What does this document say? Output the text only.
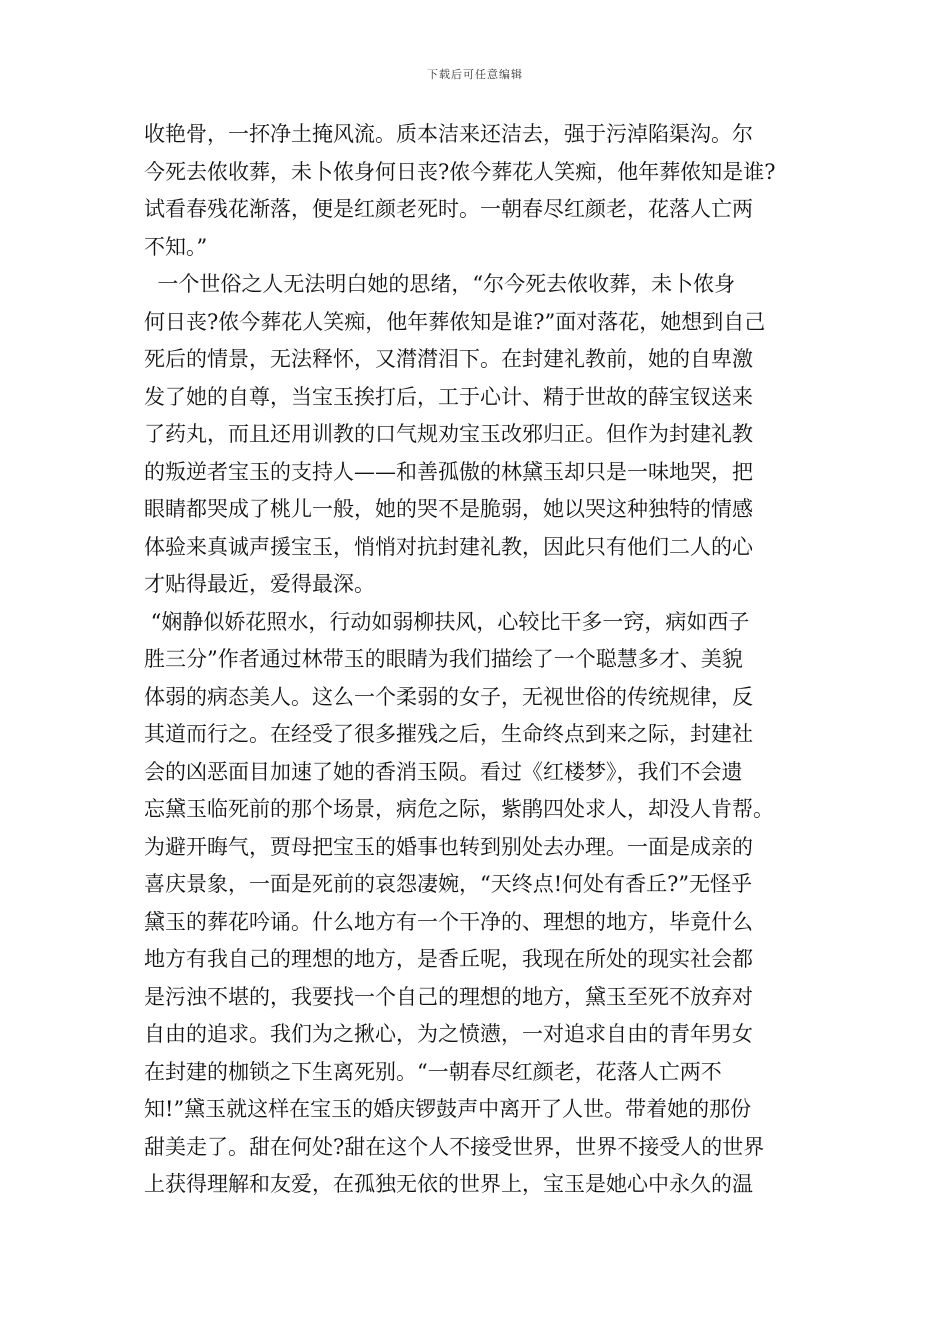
下载后可任意编辑
收艳骨，一抔净土掩风流。质本洁来还洁去，强于污淖陷渠沟。尔
今死去侬收葬，未卜侬身何日丧?侬今葬花人笑痴，他年葬侬知是谁?
试看春残花渐落，便是红颜老死时。一朝春尽红颜老，花落人亡两
不知。”
一个世俗之人无法明白她的思绪，“尔今死去侬收葬，未卜侬身
何日丧?侬今葬花人笑痴，他年葬侬知是谁?”面对落花，她想到自己
死后的情景，无法释怀，又潸潸泪下。在封建礼教前，她的自卑激
发了她的自尊，当宝玉挨打后，工于心计、精于世故的薛宝钗送来
了药丸，而且还用训教的口气规劝宝玉改邪归正。但作为封建礼教
的叛逆者宝玉的支持人——和善孤傲的林黛玉却只是一味地哭，把
眼睛都哭成了桃儿一般，她的哭不是脆弱，她以哭这种独特的情感
体验来真诚声援宝玉，悄悄对抗封建礼教，因此只有他们二人的心
才贴得最近，爱得最深。
“娴静似娇花照水，行动如弱柳扶风，心较比干多一窍，病如西子
胜三分”作者通过林带玉的眼睛为我们描绘了一个聪慧多才、美貌
体弱的病态美人。这么一个柔弱的女子，无视世俗的传统规律，反
其道而行之。在经受了很多摧残之后，生命终点到来之际，封建社
会的凶恶面目加速了她的香消玉陨。看过《红楼梦》，我们不会遗
忘黛玉临死前的那个场景，病危之际，紫鹃四处求人，却没人肯帮。
为避开晦气，贾母把宝玉的婚事也转到别处去办理。一面是成亲的
喜庆景象，一面是死前的哀怨凄婉，“天终点!何处有香丘?”无怪乎
黛玉的葬花吟诵。什么地方有一个干净的、理想的地方，毕竟什么
地方有我自己的理想的地方，是香丘呢，我现在所处的现实社会都
是污浊不堪的，我要找一个自己的理想的地方，黛玉至死不放弃对
自由的追求。我们为之揪心，为之愤懑，一对追求自由的青年男女
在封建的枷锁之下生离死别。“一朝春尽红颜老，花落人亡两不
知!”黛玉就这样在宝玉的婚庆锣鼓声中离开了人世。带着她的那份
甜美走了。甜在何处?甜在这个人不接受世界，世界不接受人的世界
上获得理解和友爱，在孤独无依的世界上，宝玉是她心中永久的温
